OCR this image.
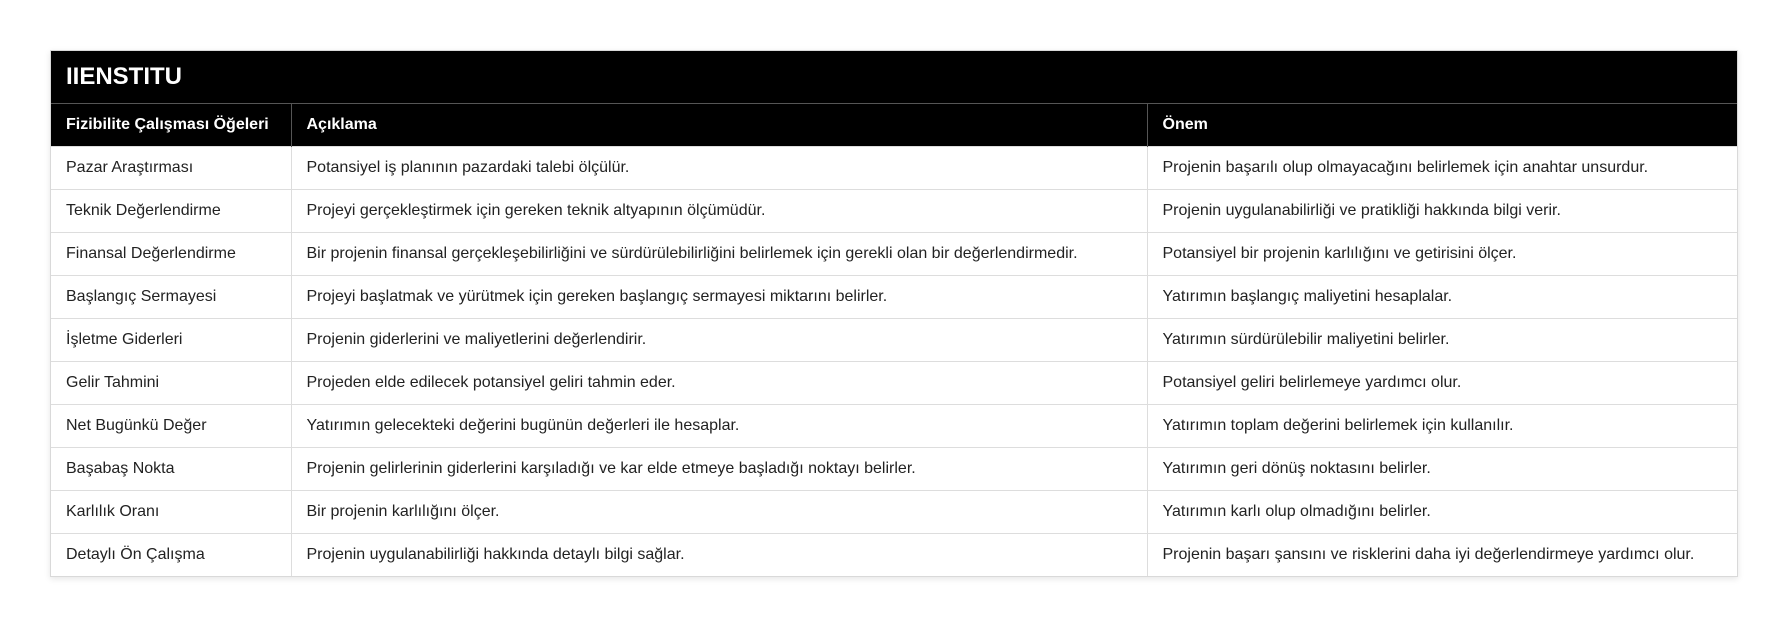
IIENSTITU
Fizibilite Çalışması Öğeleri	Açıklama	Önem
Pazar Araştırması	Potansiyel iş planının pazardaki talebi ölçülür.	Projenin başarılı olup olmayacağını belirlemek için anahtar unsurdur.
Teknik Değerlendirme	Projeyi gerçekleştirmek için gereken teknik altyapının ölçümüdür.	Projenin uygulanabilirliği ve pratikliği hakkında bilgi verir.
Finansal Değerlendirme	Bir projenin finansal gerçekleşebilirliğini ve sürdürülebilirliğini belirlemek için gerekli olan bir değerlendirmedir.	Potansiyel bir projenin karlılığını ve getirisini ölçer.
Başlangıç Sermayesi	Projeyi başlatmak ve yürütmek için gereken başlangıç sermayesi miktarını belirler.	Yatırımın başlangıç maliyetini hesaplalar.
İşletme Giderleri	Projenin giderlerini ve maliyetlerini değerlendirir.	Yatırımın sürdürülebilir maliyetini belirler.
Gelir Tahmini	Projeden elde edilecek potansiyel geliri tahmin eder.	Potansiyel geliri belirlemeye yardımcı olur.
Net Bugünkü Değer	Yatırımın gelecekteki değerini bugünün değerleri ile hesaplar.	Yatırımın toplam değerini belirlemek için kullanılır.
Başabaş Nokta	Projenin gelirlerinin giderlerini karşıladığı ve kar elde etmeye başladığı noktayı belirler.	Yatırımın geri dönüş noktasını belirler.
Karlılık Oranı	Bir projenin karlılığını ölçer.	Yatırımın karlı olup olmadığını belirler.
Detaylı Ön Çalışma	Projenin uygulanabilirliği hakkında detaylı bilgi sağlar.	Projenin başarı şansını ve risklerini daha iyi değerlendirmeye yardımcı olur.
